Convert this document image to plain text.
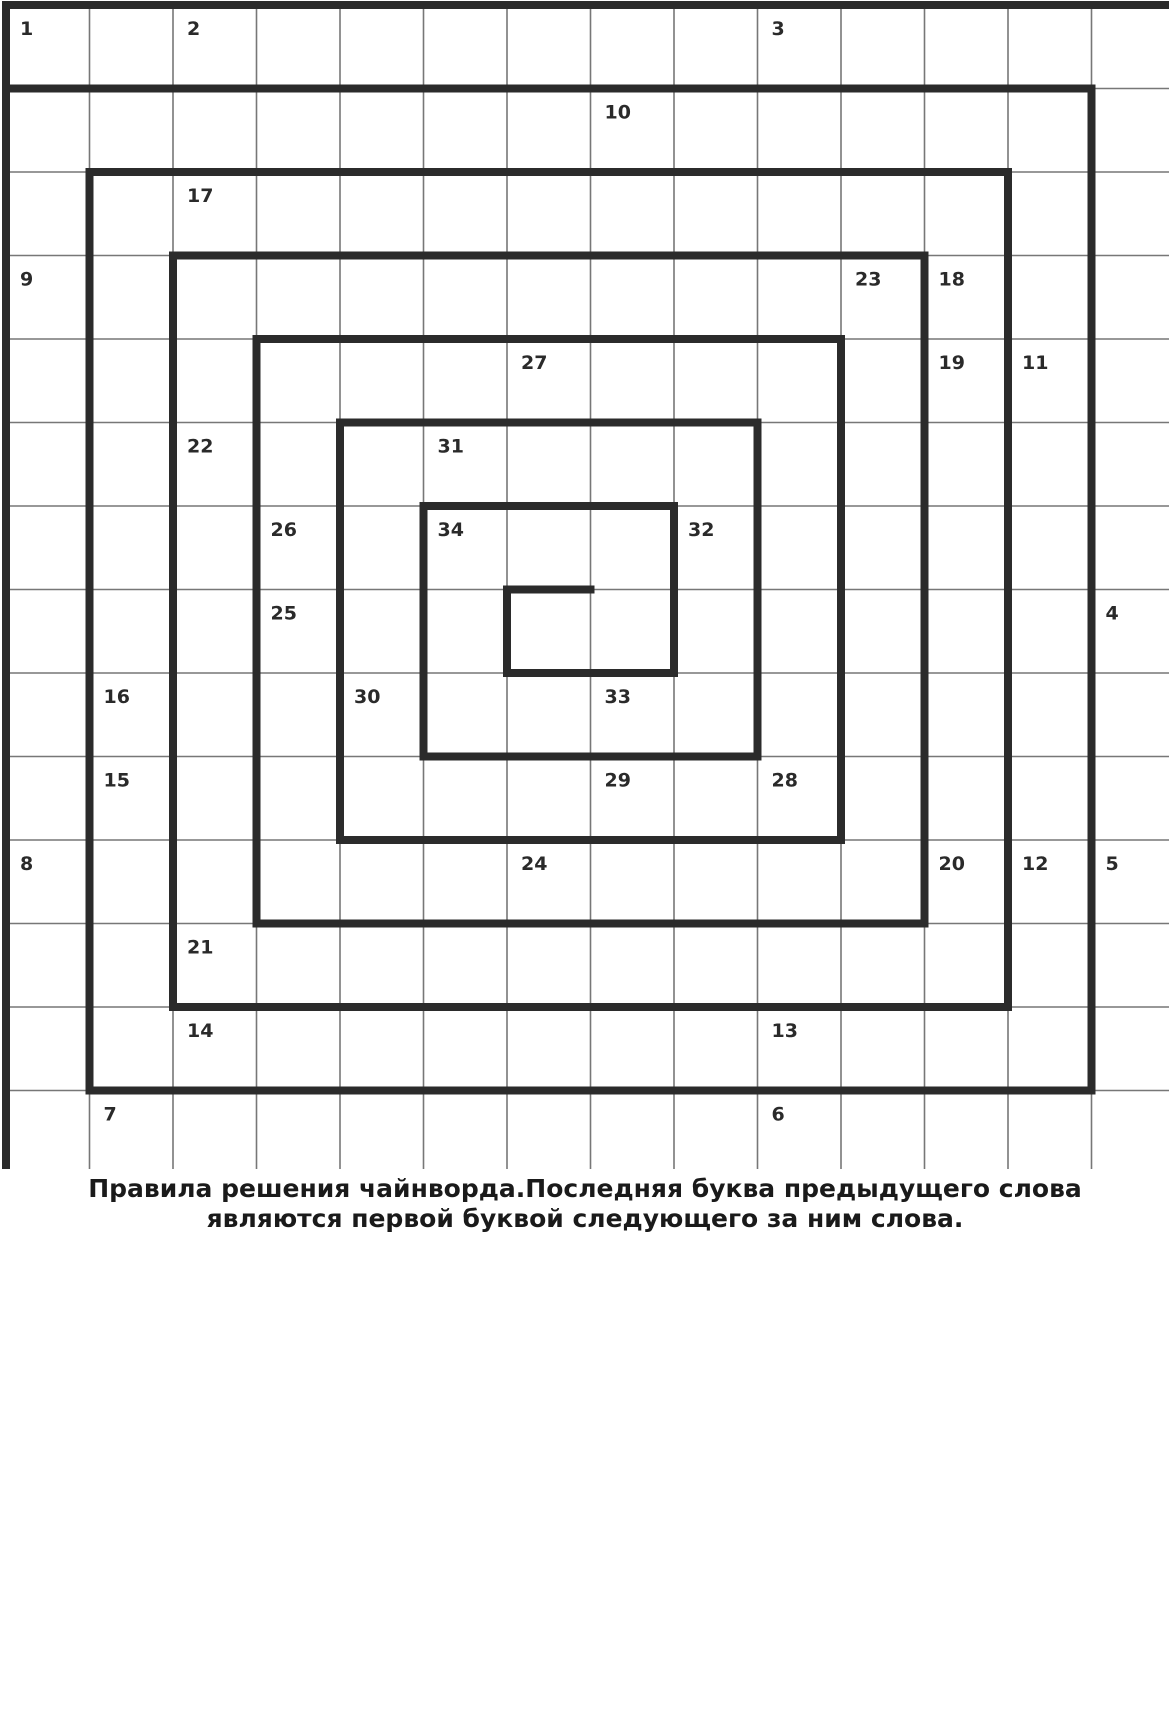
1	2	3
10
17
9	23	18
27	19	11
22	31
26	34	32
25	4
16	30	33
15	29	28
8	24	20	12	5
21
14	13
7	6

Правила решения чайнворда.Последняя буква предыдущего слова являются первой буквой следующего за ним слова.
